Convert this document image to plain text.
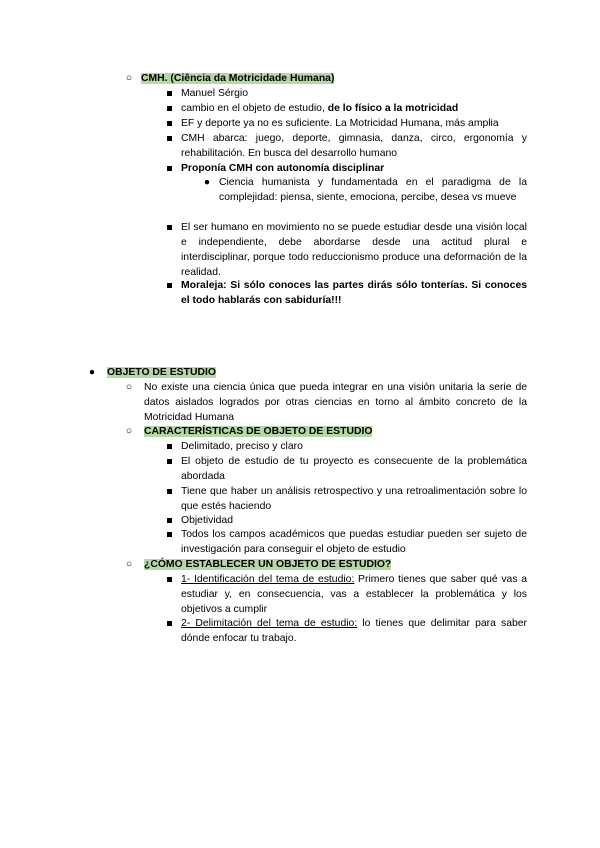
○ CMH. (Ciência da Motricidade Humana)
Manuel Sérgio
cambio en el objeto de estudio, de lo físico a la motricidad
EF y deporte ya no es suficiente. La Motricidad Humana, más amplia
CMH abarca: juego, deporte, gimnasia, danza, circo, ergonomía y rehabilitación. En busca del desarrollo humano
Proponía CMH con autonomía disciplinar
● Ciencia humanista y fundamentada en el paradigma de la complejidad: piensa, siente, emociona, percibe, desea vs mueve
El ser humano en movimiento no se puede estudiar desde una visión local e independiente, debe abordarse desde una actitud plural e interdisciplinar, porque todo reduccionismo produce una deformación de la realidad.
Moraleja: Si sólo conoces las partes dirás sólo tonterías. Si conoces el todo hablarás con sabiduría!!!
● OBJETO DE ESTUDIO
○ No existe una ciencia única que pueda integrar en una visión unitaria la serie de datos aislados logrados por otras ciencias en torno al ámbito concreto de la Motricidad Humana
○ CARACTERÍSTICAS DE OBJETO DE ESTUDIO
Delimitado, preciso y claro
El objeto de estudio de tu proyecto es consecuente de la problemática abordada
Tiene que haber un análisis retrospectivo y una retroalimentación sobre lo que estés haciendo
Objetividad
Todos los campos académicos que puedas estudiar pueden ser sujeto de investigación para conseguir el objeto de estudio
○ ¿CÓMO ESTABLECER UN OBJETO DE ESTUDIO?
1- Identificación del tema de estudio: Primero tienes que saber qué vas a estudiar y, en consecuencia, vas a establecer la problemática y los objetivos a cumplir
2- Delimitación del tema de estudio: lo tienes que delimitar para saber dónde enfocar tu trabajo.
